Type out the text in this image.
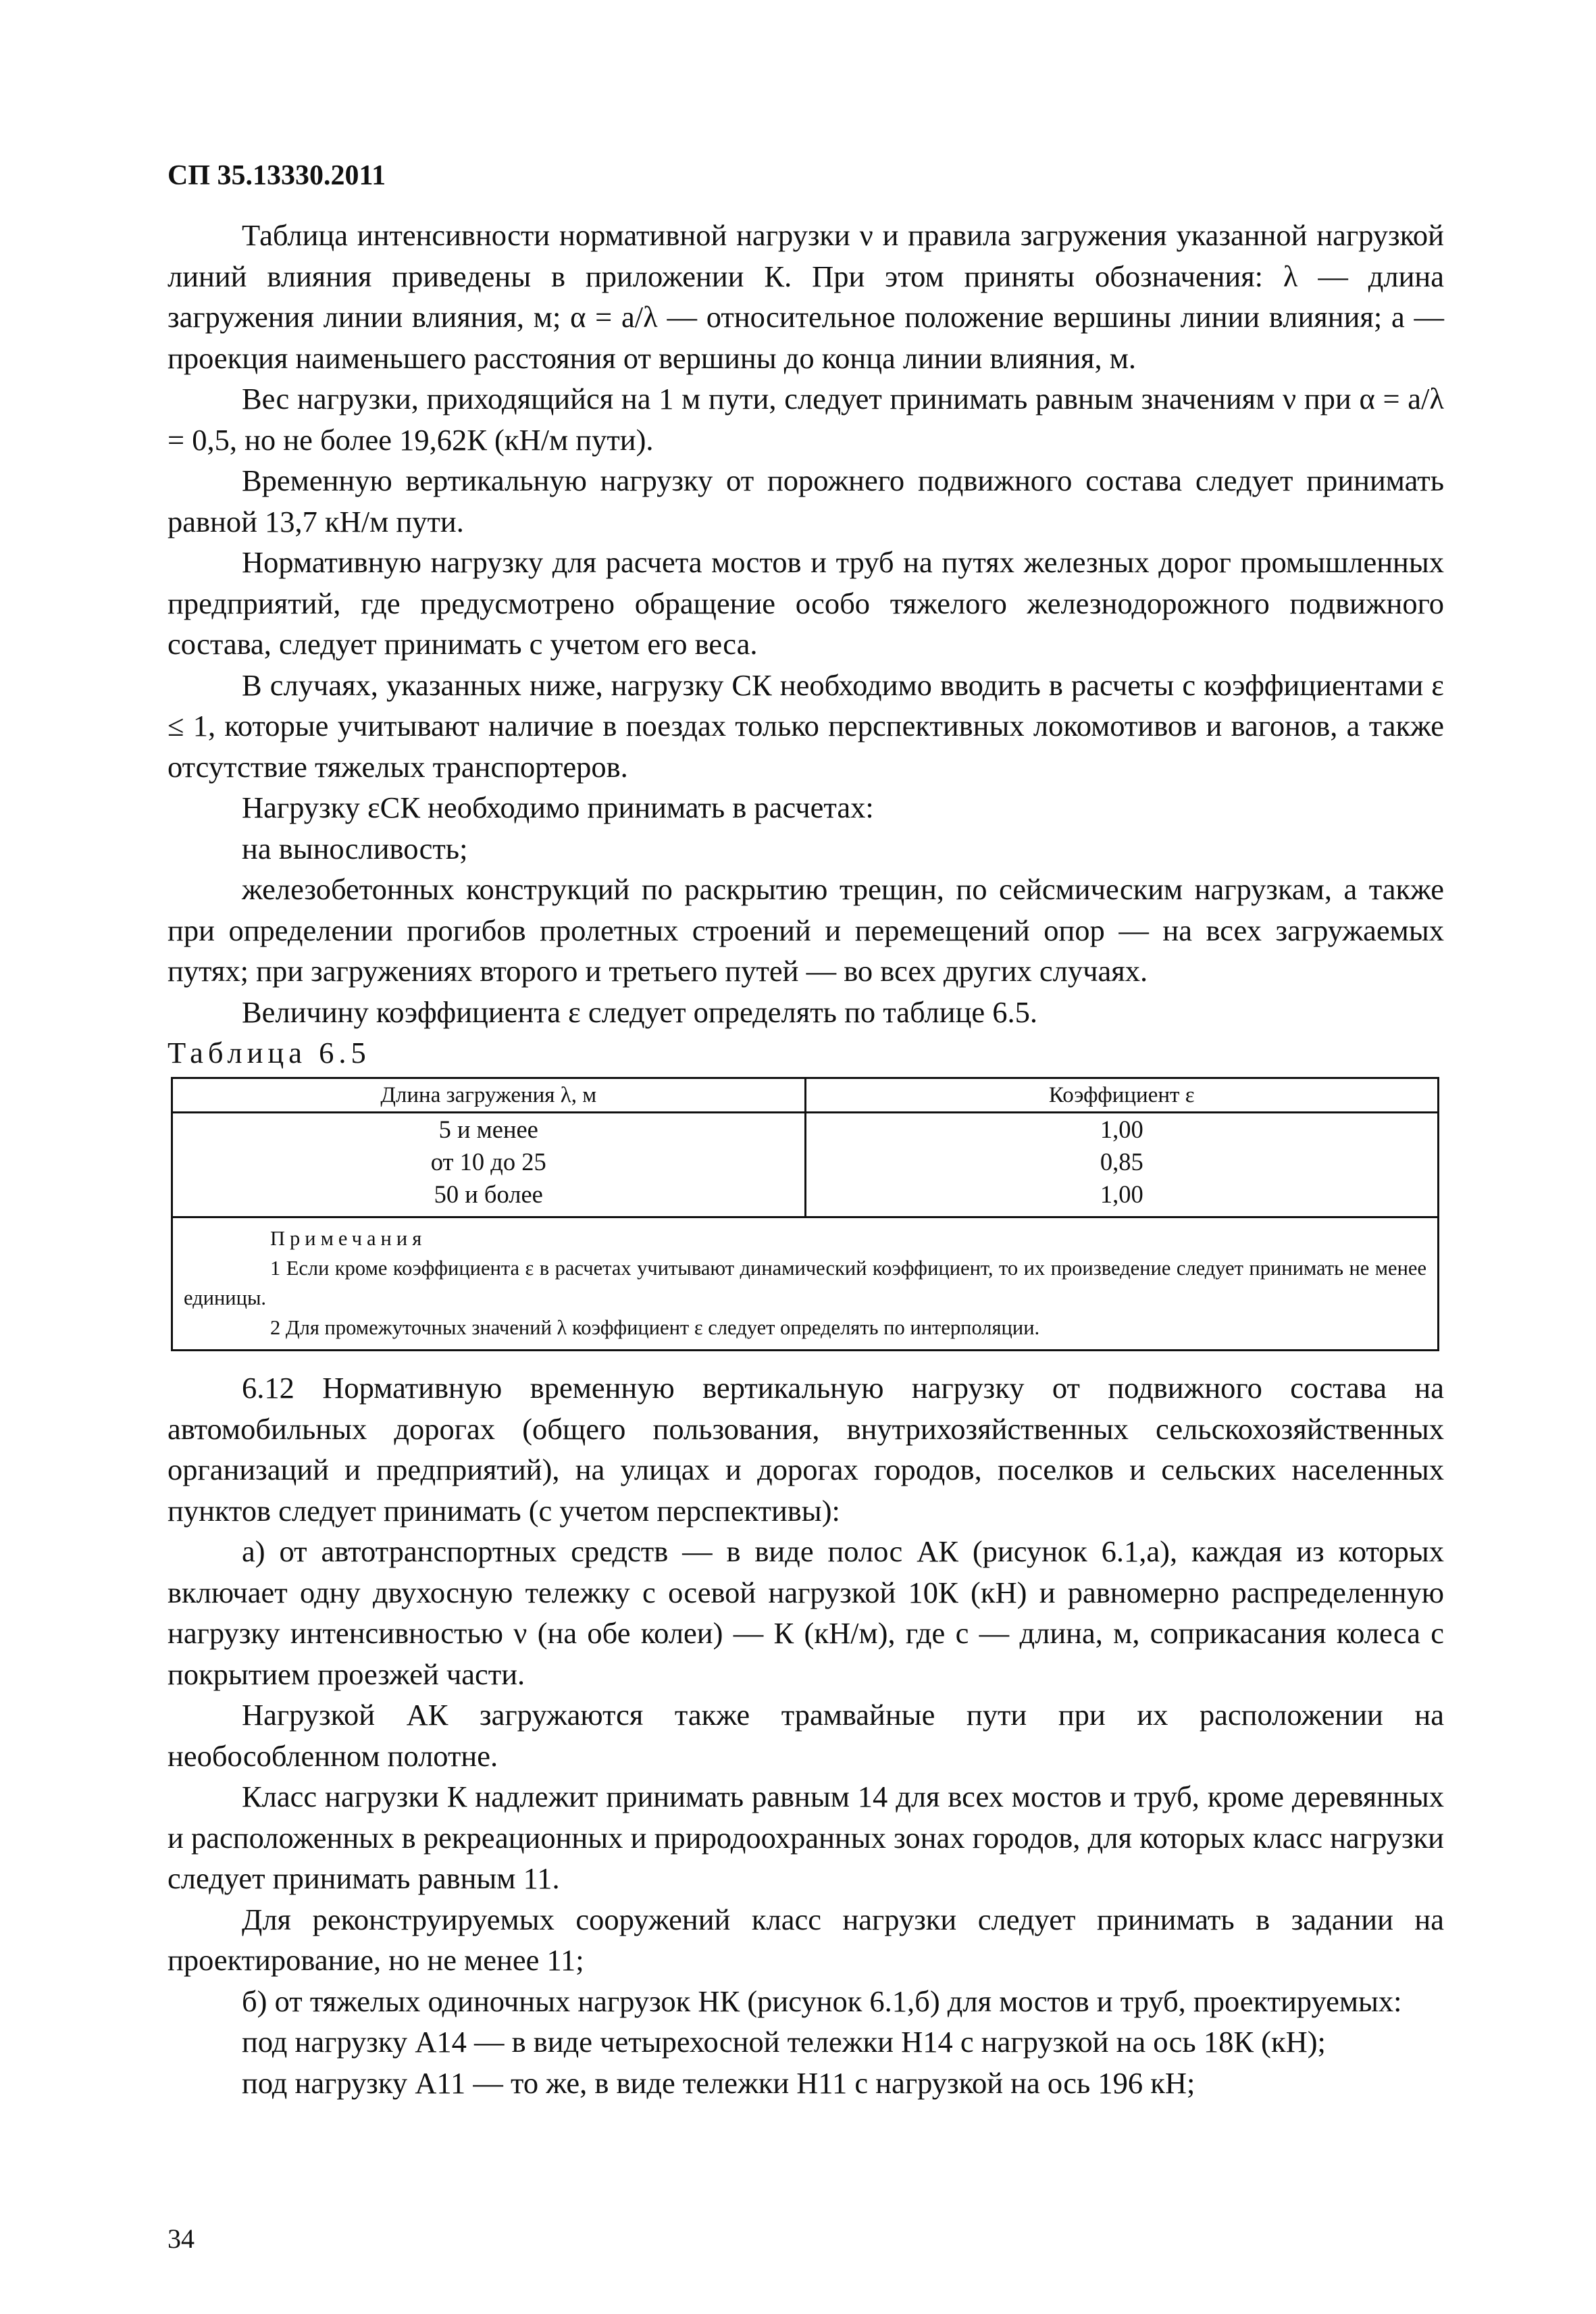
СП 35.13330.2011

Таблица интенсивности нормативной нагрузки ν и правила загружения указанной нагрузкой линий влияния приведены в приложении К. При этом приняты обозначения: λ — длина загружения линии влияния, м; α = a/λ — относительное положение вершины линии влияния; a — проекция наименьшего расстояния от вершины до конца линии влияния, м.

Вес нагрузки, приходящийся на 1 м пути, следует принимать равным значениям ν при α = a/λ = 0,5, но не более 19,62К (кН/м пути).

Временную вертикальную нагрузку от порожнего подвижного состава следует принимать равной 13,7 кН/м пути.

Нормативную нагрузку для расчета мостов и труб на путях железных дорог промышленных предприятий, где предусмотрено обращение особо тяжелого железнодорожного подвижного состава, следует принимать с учетом его веса.

В случаях, указанных ниже, нагрузку СК необходимо вводить в расчеты с коэффициентами ε ≤ 1, которые учитывают наличие в поездах только перспективных локомотивов и вагонов, а также отсутствие тяжелых транспортеров.

Нагрузку εСК необходимо принимать в расчетах:

на выносливость;

железобетонных конструкций по раскрытию трещин, по сейсмическим нагрузкам, а также при определении прогибов пролетных строений и перемещений опор — на всех загружаемых путях; при загружениях второго и третьего путей — во всех других случаях.

Величину коэффициента ε следует определять по таблице 6.5.

Таблица 6.5
Длина загружения λ, м	Коэффициент ε
5 и менее	1,00
от 10 до 25	0,85
50 и более	1,00

Примечания
1 Если кроме коэффициента ε в расчетах учитывают динамический коэффициент, то их произведение следует принимать не менее единицы.
2 Для промежуточных значений λ коэффициент ε следует определять по интерполяции.	

6.12 Нормативную временную вертикальную нагрузку от подвижного состава на автомобильных дорогах (общего пользования, внутрихозяйственных сельскохозяйственных организаций и предприятий), на улицах и дорогах городов, поселков и сельских населенных пунктов следует принимать (с учетом перспективы):

а) от автотранспортных средств — в виде полос АК (рисунок 6.1,а), каждая из которых включает одну двухосную тележку с осевой нагрузкой 10К (кН) и равномерно распределенную нагрузку интенсивностью ν (на обе колеи) — К (кН/м), где с — длина, м, соприкасания колеса с покрытием проезжей части.

Нагрузкой АК загружаются также трамвайные пути при их расположении на необособленном полотне.

Класс нагрузки К надлежит принимать равным 14 для всех мостов и труб, кроме деревянных и расположенных в рекреационных и природоохранных зонах городов, для которых класс нагрузки следует принимать равным 11.

Для реконструируемых сооружений класс нагрузки следует принимать в задании на проектирование, но не менее 11;

б) от тяжелых одиночных нагрузок НК (рисунок 6.1,б) для мостов и труб, проектируемых:

под нагрузку А14 — в виде четырехосной тележки Н14 с нагрузкой на ось 18К (кН);

под нагрузку А11 — то же, в виде тележки Н11 с нагрузкой на ось 196 кН;

34
